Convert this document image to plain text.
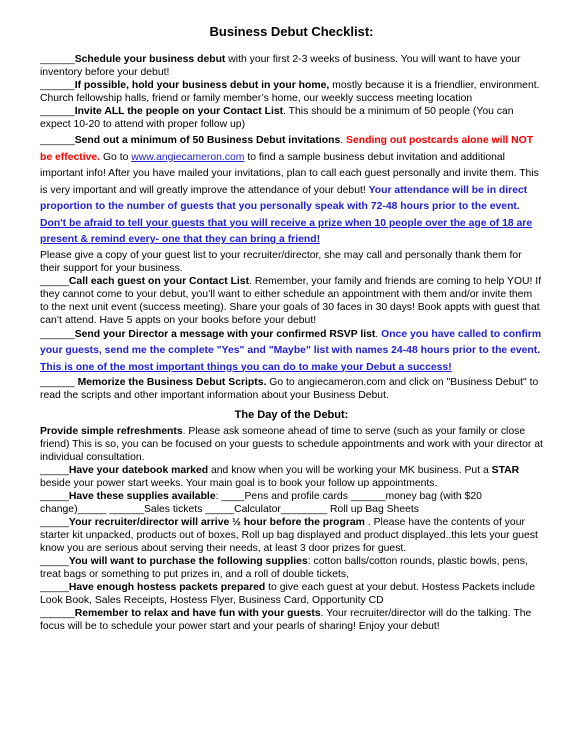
Business Debut Checklist:

______Schedule your business debut with your first 2-3 weeks of business. You will want to have your inventory before your debut!

______If possible, hold your business debut in your home, mostly because it is a friendlier, environment. Church fellowship halls, friend or family member’s home, our weekly success meeting location

______Invite ALL the people on your Contact List. This should be a minimum of 50 people (You can expect 10-20 to attend with proper follow up)

______Send out a minimum of 50 Business Debut invitations. Sending out postcards alone will NOT be effective. Go to www.angiecameron.com to find a sample business debut invitation and additional important info! After you have mailed your invitations, plan to call each guest personally and invite them. This is very important and will greatly improve the attendance of your debut! Your attendance will be in direct proportion to the number of guests that you personally speak with 72-48 hours prior to the event. Don't be afraid to tell your guests that you will receive a prize when 10 people over the age of 18 are present & remind every- one that they can bring a friend!

Please give a copy of your guest list to your recruiter/director, she may call and personally thank them for their support for your business.

_____Call each guest on your Contact List. Remember, your family and friends are coming to help YOU! If they cannot come to your debut, you’ll want to either schedule an appointment with them and/or invite them to the next unit event (success meeting). Share your goals of 30 faces in 30 days! Book appts with guest that can’t attend. Have 5 appts on your books before your debut!

______Send your Director a message with your confirmed RSVP list. Once you have called to confirm your guests, send me the complete "Yes" and "Maybe" list with names 24-48 hours prior to the event. This is one of the most important things you can do to make your Debut a success!

______ Memorize the Business Debut Scripts. Go to angiecameron.com and click on "Business Debut" to read the scripts and other important information about your Business Debut.

The Day of the Debut:

Provide simple refreshments. Please ask someone ahead of time to serve (such as your family or close friend) This is so, you can be focused on your guests to schedule appointments and work with your director at individual consultation.

_____Have your datebook marked and know when you will be working your MK business. Put a STAR beside your power start weeks. Your main goal is to book your follow up appointments.

_____Have these supplies available: ____Pens and profile cards ______money bag (with $20 change)_____ ______Sales tickets _____Calculator________ Roll up Bag Sheets

_____Your recruiter/director will arrive ½ hour before the program . Please have the contents of your starter kit unpacked, products out of boxes, Roll up bag displayed and product displayed..this lets your guest know you are serious about serving their needs, at least 3 door prizes for guest.

_____You will want to purchase the following supplies: cotton balls/cotton rounds, plastic bowls, pens, treat bags or something to put prizes in, and a roll of double tickets,

_____Have enough hostess packets prepared to give each guest at your debut. Hostess Packets include Look Book, Sales Receipts, Hostess Flyer, Business Card, Opportunity CD

______Remember to relax and have fun with your guests. Your recruiter/director will do the talking. The focus will be to schedule your power start and your pearls of sharing! Enjoy your debut!
